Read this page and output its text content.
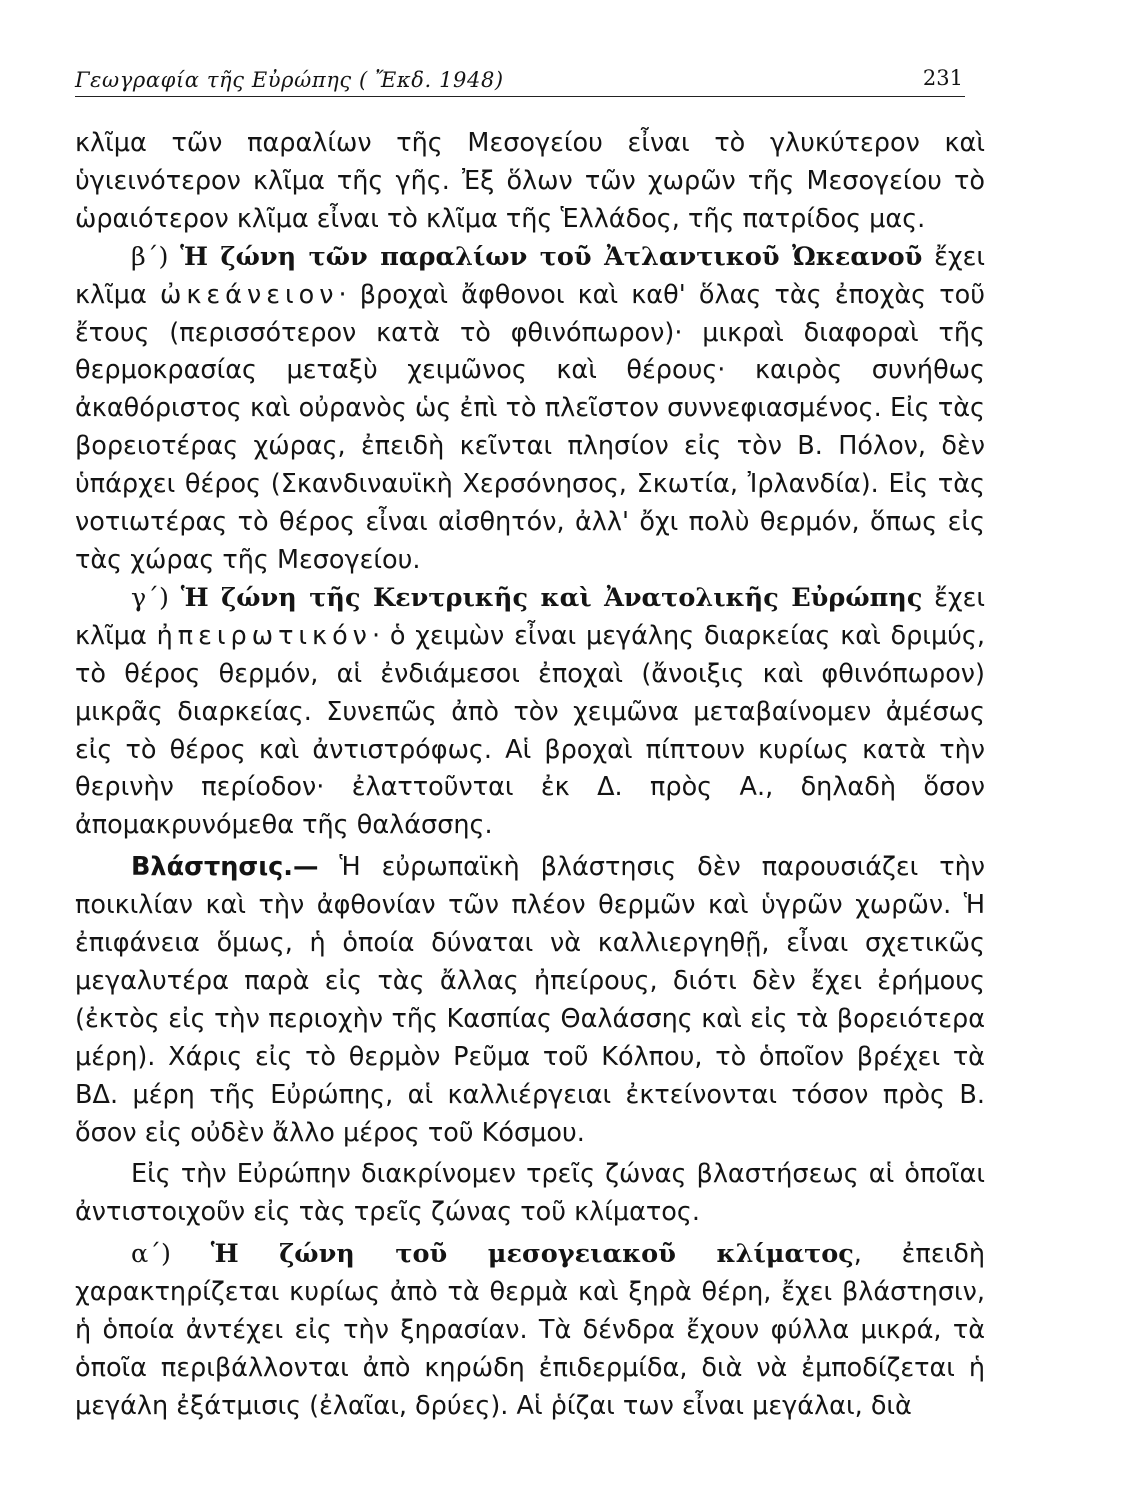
Γεωγραφία τῆς Εὐρώπης ( Ἔκδ. 1948)	231

κλῖμα τῶν παραλίων τῆς Μεσογείου εἶναι τὸ γλυκύτερον καὶ ὑγιεινότερον κλῖμα τῆς γῆς. Ἐξ ὅλων τῶν χωρῶν τῆς Μεσογείου τὸ ὡραιότερον κλῖμα εἶναι τὸ κλῖμα τῆς Ἑλλάδος, τῆς πατρίδος μας.

β΄) Ἡ ζώνη τῶν παραλίων τοῦ Ἀτλαντικοῦ Ὠκεανοῦ ἔχει κλῖμα ὠκεάνειον· βροχαὶ ἄφθονοι καὶ καθ' ὅλας τὰς ἐποχὰς τοῦ ἔτους (περισσότερον κατὰ τὸ φθινόπωρον)· μικραὶ διαφοραὶ τῆς θερμοκρασίας μεταξὺ χειμῶνος καὶ θέρους· καιρὸς συνήθως ἀκαθόριστος καὶ οὐρανὸς ὡς ἐπὶ τὸ πλεῖστον συννεφιασμένος. Εἰς τὰς βορειοτέρας χώρας, ἐπειδὴ κεῖνται πλησίον εἰς τὸν Β. Πόλον, δὲν ὑπάρχει θέρος (Σκανδιναυϊκὴ Χερσόνησος, Σκωτία, Ἰρλανδία). Εἰς τὰς νοτιωτέρας τὸ θέρος εἶναι αἰσθητόν, ἀλλ' ὄχι πολὺ θερμόν, ὅπως εἰς τὰς χώρας τῆς Μεσογείου.

γ΄) Ἡ ζώνη τῆς Κεντρικῆς καὶ Ἀνατολικῆς Εὐρώπης ἔχει κλῖμα ἠπειρωτικόν· ὁ χειμὼν εἶναι μεγάλης διαρκείας καὶ δριμύς, τὸ θέρος θερμόν, αἱ ἐνδιάμεσοι ἐποχαὶ (ἄνοιξις καὶ φθινόπωρον) μικρᾶς διαρκείας. Συνεπῶς ἀπὸ τὸν χειμῶνα μεταβαίνομεν ἀμέσως εἰς τὸ θέρος καὶ ἀντιστρόφως. Αἱ βροχαὶ πίπτουν κυρίως κατὰ τὴν θερινὴν περίοδον· ἐλαττοῦνται ἐκ Δ. πρὸς Α., δηλαδὴ ὅσον ἀπομακρυνόμεθα τῆς θαλάσσης.

Βλάστησις.— Ἡ εὐρωπαϊκὴ βλάστησις δὲν παρουσιάζει τὴν ποικιλίαν καὶ τὴν ἀφθονίαν τῶν πλέον θερμῶν καὶ ὑγρῶν χωρῶν. Ἡ ἐπιφάνεια ὅμως, ἡ ὁποία δύναται νὰ καλλιεργηθῇ, εἶναι σχετικῶς μεγαλυτέρα παρὰ εἰς τὰς ἄλλας ἠπείρους, διότι δὲν ἔχει ἐρήμους (ἐκτὸς εἰς τὴν περιοχὴν τῆς Κασπίας Θαλάσσης καὶ εἰς τὰ βορειότερα μέρη). Χάρις εἰς τὸ θερμὸν Ρεῦμα τοῦ Κόλπου, τὸ ὁποῖον βρέχει τὰ ΒΔ. μέρη τῆς Εὐρώπης, αἱ καλλιέργειαι ἐκτείνονται τόσον πρὸς Β. ὅσον εἰς οὐδὲν ἄλλο μέρος τοῦ Κόσμου.

Εἰς τὴν Εὐρώπην διακρίνομεν τρεῖς ζώνας βλαστήσεως αἱ ὁποῖαι ἀντιστοιχοῦν εἰς τὰς τρεῖς ζώνας τοῦ κλίματος.

α΄) Ἡ ζώνη τοῦ μεσογειακοῦ κλίματος, ἐπειδὴ χαρακτηρίζεται κυρίως ἀπὸ τὰ θερμὰ καὶ ξηρὰ θέρη, ἔχει βλάστησιν, ἡ ὁποία ἀντέχει εἰς τὴν ξηρασίαν. Τὰ δένδρα ἔχουν φύλλα μικρά, τὰ ὁποῖα περιβάλλονται ἀπὸ κηρώδη ἐπιδερμίδα, διὰ νὰ ἐμποδίζεται ἡ μεγάλη ἐξάτμισις (ἐλαῖαι, δρύες). Αἱ ῥίζαι των εἶναι μεγάλαι, διὰ
